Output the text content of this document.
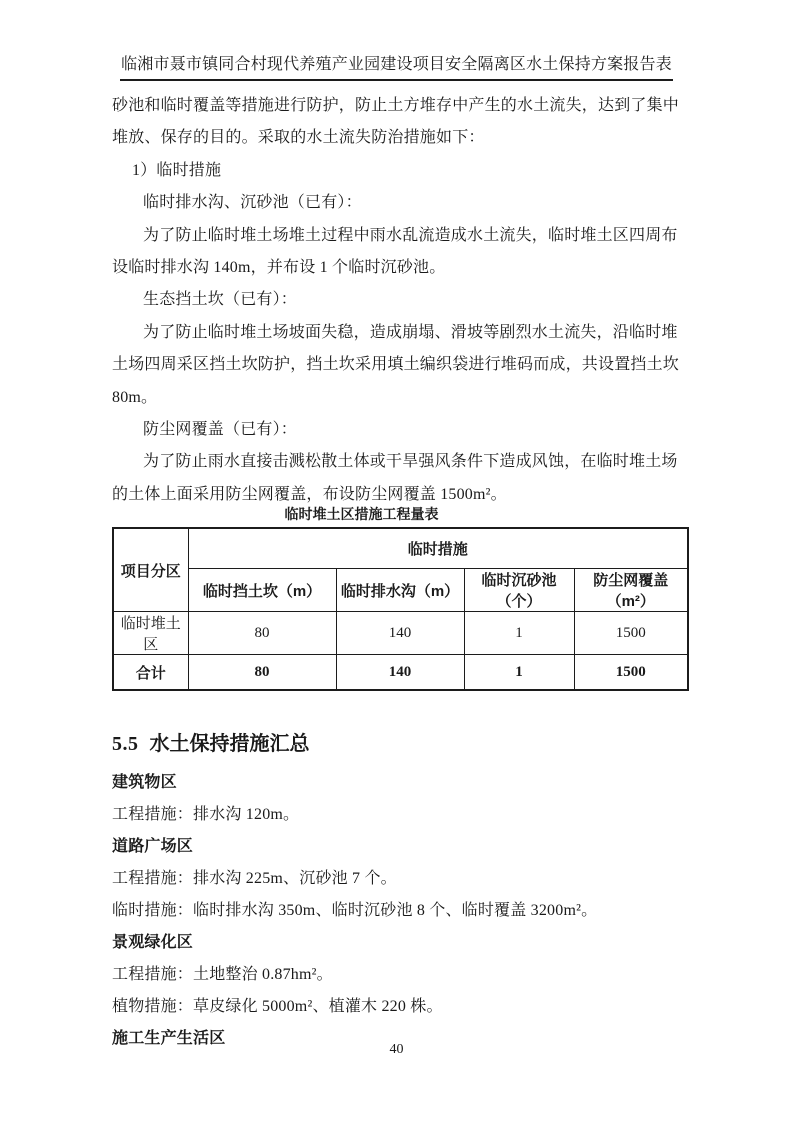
临湘市聂市镇同合村现代养殖产业园建设项目安全隔离区水土保持方案报告表
砂池和临时覆盖等措施进行防护，防止土方堆存中产生的水土流失，达到了集中
堆放、保存的目的。采取的水土流失防治措施如下：
1）临时措施
临时排水沟、沉砂池（已有）：
为了防止临时堆土场堆土过程中雨水乱流造成水土流失，临时堆土区四周布
设临时排水沟 140m，并布设 1 个临时沉砂池。
生态挡土坎（已有）：
为了防止临时堆土场坡面失稳，造成崩塌、滑坡等剧烈水土流失，沿临时堆
土场四周采区挡土坎防护，挡土坎采用填土编织袋进行堆码而成，共设置挡土坎
80m。
防尘网覆盖（已有）：
为了防止雨水直接击溅松散土体或干旱强风条件下造成风蚀，在临时堆土场
的土体上面采用防尘网覆盖，布设防尘网覆盖 1500m²。
临时堆土区措施工程量表
项目分区	临时措施			
	临时挡土坎（m）	临时排水沟（m）	临时沉砂池（个）	防尘网覆盖（m²）
临时堆土区	80	140	1	1500
合计	80	140	1	1500
5.5 水土保持措施汇总
建筑物区
工程措施：排水沟 120m。
道路广场区
工程措施：排水沟 225m、沉砂池 7 个。
临时措施：临时排水沟 350m、临时沉砂池 8 个、临时覆盖 3200m²。
景观绿化区
工程措施：土地整治 0.87hm²。
植物措施：草皮绿化 5000m²、植灌木 220 株。
施工生产生活区
40
